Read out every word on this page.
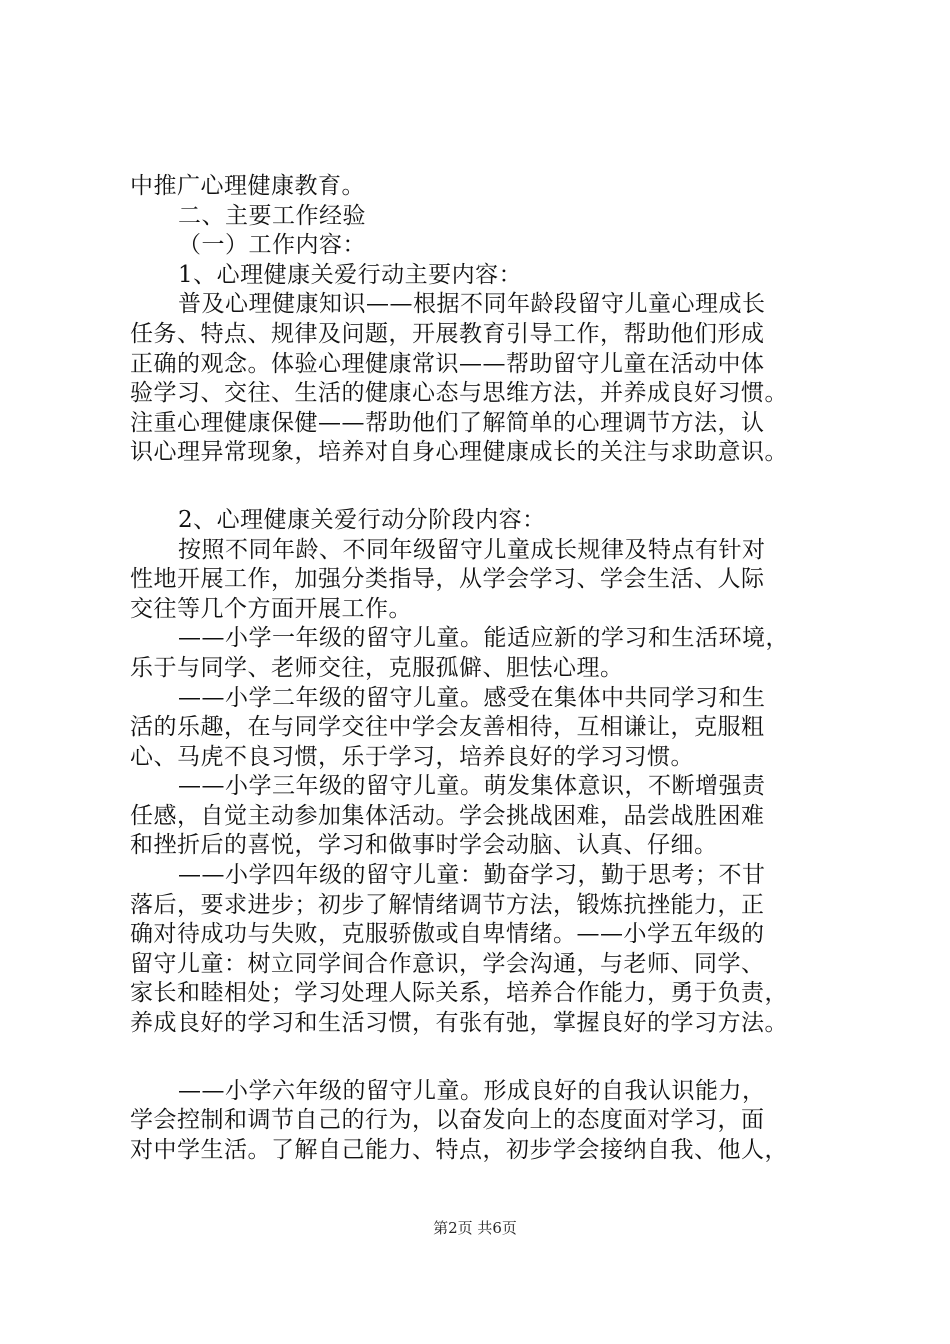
中推广心理健康教育。
二、主要工作经验
（一）工作内容：
1、心理健康关爱行动主要内容：
普及心理健康知识——根据不同年龄段留守儿童心理成长
任务、特点、规律及问题，开展教育引导工作，帮助他们形成
正确的观念。体验心理健康常识——帮助留守儿童在活动中体
验学习、交往、生活的健康心态与思维方法，并养成良好习惯。
注重心理健康保健——帮助他们了解简单的心理调节方法，认
识心理异常现象，培养对自身心理健康成长的关注与求助意识。
2、心理健康关爱行动分阶段内容：
按照不同年龄、不同年级留守儿童成长规律及特点有针对
性地开展工作，加强分类指导，从学会学习、学会生活、人际
交往等几个方面开展工作。
——小学一年级的留守儿童。能适应新的学习和生活环境，
乐于与同学、老师交往，克服孤僻、胆怯心理。
——小学二年级的留守儿童。感受在集体中共同学习和生
活的乐趣，在与同学交往中学会友善相待，互相谦让，克服粗
心、马虎不良习惯，乐于学习，培养良好的学习习惯。
——小学三年级的留守儿童。萌发集体意识，不断增强责
任感，自觉主动参加集体活动。学会挑战困难，品尝战胜困难
和挫折后的喜悦，学习和做事时学会动脑、认真、仔细。
——小学四年级的留守儿童：勤奋学习，勤于思考；不甘
落后，要求进步；初步了解情绪调节方法，锻炼抗挫能力，正
确对待成功与失败，克服骄傲或自卑情绪。——小学五年级的
留守儿童：树立同学间合作意识，学会沟通，与老师、同学、
家长和睦相处；学习处理人际关系，培养合作能力，勇于负责，
养成良好的学习和生活习惯，有张有弛，掌握良好的学习方法。
——小学六年级的留守儿童。形成良好的自我认识能力，
学会控制和调节自己的行为，以奋发向上的态度面对学习，面
对中学生活。了解自己能力、特点，初步学会接纳自我、他人，
第2页 共6页
